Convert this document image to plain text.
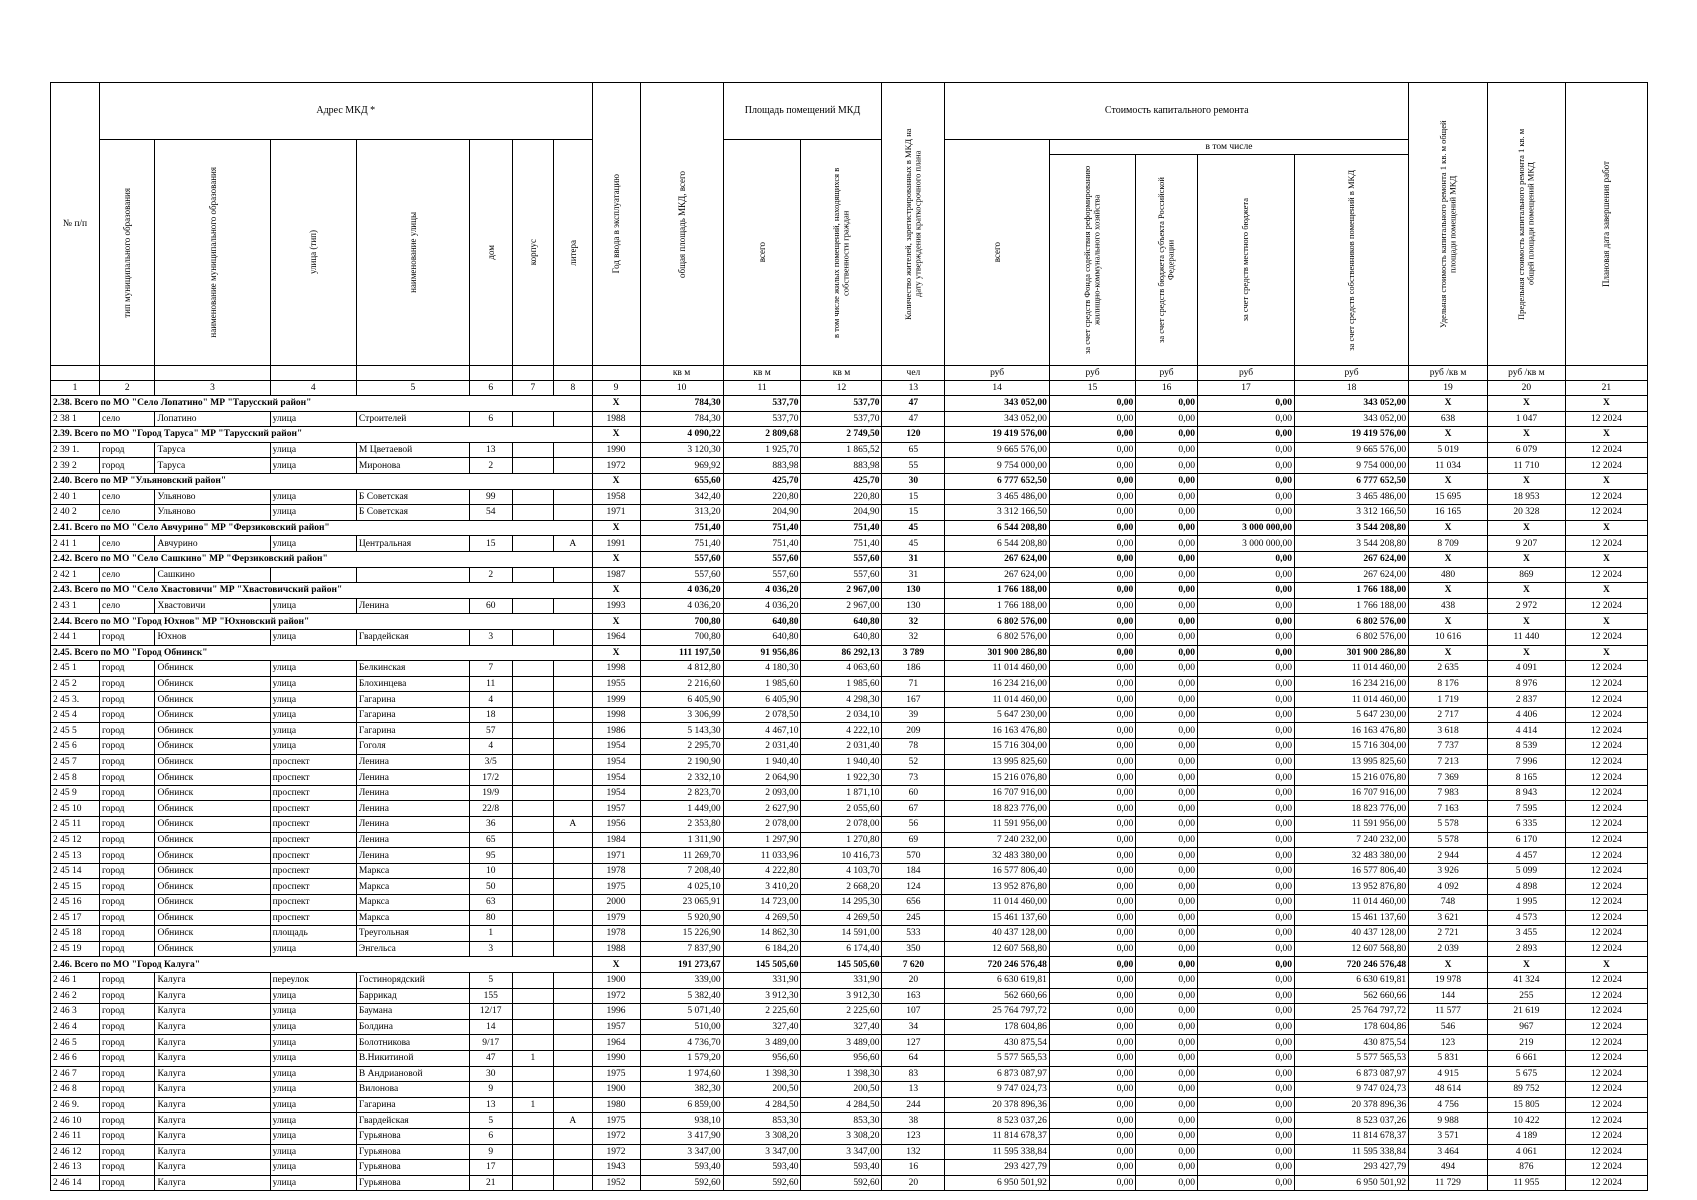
№ п/п	Адрес МКД *							Год ввода в эксплуатацию	общая площадь МКД, всего	Площадь помещений МКД		Количество жителей, зарегистрированных в МКД на дату утверждения краткосрочного плана	Стоимость капитального ремонта					Удельная стоимость капитального ремонта 1 кв. м общей площади помещений МКД	Предельная стоимость капитального ремонта 1 кв. м общей площади помещений МКД	Плановая дата завершения работ

	тип муниципального образования	наименование муниципального образования	улица (тип)	наименование улицы	дом	корпус	литера			всего	в том числе жилых помещений, находящихся в собственности граждан		всего	в том числе						

														за счет средств Фонда содействия реформированию жилищно-коммунального хозяйства	за счет средств бюджета субъекта Российской Федерации	за счет средств местного бюджета	за счет средств собственников помещений в МКД			

									кв м	кв м	кв м	чел	руб	руб	руб	руб	руб	руб /кв м	руб /кв м	
1	2	3	4	5	6	7	8	9	10	11	12	13	14	15	16	17	18	19	20	21
2.38. Всего по МО "Село Лопатино" МР "Тарусский район"								X	784,30	537,70	537,70	47	343 052,00	0,00	0,00	0,00	343 052,00	X	X	X
2 38 1	село	Лопатино	улица	Строителей	6			1988	784,30	537,70	537,70	47	343 052,00	0,00	0,00	0,00	343 052,00	638	1 047	12 2024
2.39. Всего по МО "Город Таруса" МР "Тарусский район"								X	4 090,22	2 809,68	2 749,50	120	19 419 576,00	0,00	0,00	0,00	19 419 576,00	X	X	X
2 39 1.	город	Таруса	улица	М Цветаевой	13			1990	3 120,30	1 925,70	1 865,52	65	9 665 576,00	0,00	0,00	0,00	9 665 576,00	5 019	6 079	12 2024
2 39 2	город	Таруса	улица	Миронова	2			1972	969,92	883,98	883,98	55	9 754 000,00	0,00	0,00	0,00	9 754 000,00	11 034	11 710	12 2024
2.40. Всего по МР "Ульяновский район"								X	655,60	425,70	425,70	30	6 777 652,50	0,00	0,00	0,00	6 777 652,50	X	X	X
2 40 1	село	Ульяново	улица	Б Советская	99			1958	342,40	220,80	220,80	15	3 465 486,00	0,00	0,00	0,00	3 465 486,00	15 695	18 953	12 2024
2 40 2	село	Ульяново	улица	Б Советская	54			1971	313,20	204,90	204,90	15	3 312 166,50	0,00	0,00	0,00	3 312 166,50	16 165	20 328	12 2024
2.41. Всего по МО "Село Авчурино" МР "Ферзиковский район"								X	751,40	751,40	751,40	45	6 544 208,80	0,00	0,00	3 000 000,00	3 544 208,80	X	X	X
2 41 1	село	Авчурино	улица	Центральная	15		А	1991	751,40	751,40	751,40	45	6 544 208,80	0,00	0,00	3 000 000,00	3 544 208,80	8 709	9 207	12 2024
2.42. Всего по МО "Село Сашкино" МР "Ферзиковский район"								X	557,60	557,60	557,60	31	267 624,00	0,00	0,00	0,00	267 624,00	X	X	X
2 42 1	село	Сашкино			2			1987	557,60	557,60	557,60	31	267 624,00	0,00	0,00	0,00	267 624,00	480	869	12 2024
2.43. Всего по МО "Село Хвастовичи" МР "Хвастовичский район"								X	4 036,20	4 036,20	2 967,00	130	1 766 188,00	0,00	0,00	0,00	1 766 188,00	X	X	X
2 43 1	село	Хвастовичи	улица	Ленина	60			1993	4 036,20	4 036,20	2 967,00	130	1 766 188,00	0,00	0,00	0,00	1 766 188,00	438	2 972	12 2024
2.44. Всего по МО "Город Юхнов" МР "Юхновский район"								X	700,80	640,80	640,80	32	6 802 576,00	0,00	0,00	0,00	6 802 576,00	X	X	X
2 44 1	город	Юхнов	улица	Гвардейская	3			1964	700,80	640,80	640,80	32	6 802 576,00	0,00	0,00	0,00	6 802 576,00	10 616	11 440	12 2024
2.45. Всего по МО "Город Обнинск"								X	111 197,50	91 956,86	86 292,13	3 789	301 900 286,80	0,00	0,00	0,00	301 900 286,80	X	X	X
2 45 1	город	Обнинск	улица	Белкинская	7			1998	4 812,80	4 180,30	4 063,60	186	11 014 460,00	0,00	0,00	0,00	11 014 460,00	2 635	4 091	12 2024
2 45 2	город	Обнинск	улица	Блохинцева	11			1955	2 216,60	1 985,60	1 985,60	71	16 234 216,00	0,00	0,00	0,00	16 234 216,00	8 176	8 976	12 2024
2 45 3.	город	Обнинск	улица	Гагарина	4			1999	6 405,90	6 405,90	4 298,30	167	11 014 460,00	0,00	0,00	0,00	11 014 460,00	1 719	2 837	12 2024
2 45 4	город	Обнинск	улица	Гагарина	18			1998	3 306,99	2 078,50	2 034,10	39	5 647 230,00	0,00	0,00	0,00	5 647 230,00	2 717	4 406	12 2024
2 45 5	город	Обнинск	улица	Гагарина	57			1986	5 143,30	4 467,10	4 222,10	209	16 163 476,80	0,00	0,00	0,00	16 163 476,80	3 618	4 414	12 2024
2 45 6	город	Обнинск	улица	Гоголя	4			1954	2 295,70	2 031,40	2 031,40	78	15 716 304,00	0,00	0,00	0,00	15 716 304,00	7 737	8 539	12 2024
2 45 7	город	Обнинск	проспект	Ленина	3/5			1954	2 190,90	1 940,40	1 940,40	52	13 995 825,60	0,00	0,00	0,00	13 995 825,60	7 213	7 996	12 2024
2 45 8	город	Обнинск	проспект	Ленина	17/2			1954	2 332,10	2 064,90	1 922,30	73	15 216 076,80	0,00	0,00	0,00	15 216 076,80	7 369	8 165	12 2024
2 45 9	город	Обнинск	проспект	Ленина	19/9			1954	2 823,70	2 093,00	1 871,10	60	16 707 916,00	0,00	0,00	0,00	16 707 916,00	7 983	8 943	12 2024
2 45 10	город	Обнинск	проспект	Ленина	22/8			1957	1 449,00	2 627,90	2 055,60	67	18 823 776,00	0,00	0,00	0,00	18 823 776,00	7 163	7 595	12 2024
2 45 11	город	Обнинск	проспект	Ленина	36		А	1956	2 353,80	2 078,00	2 078,00	56	11 591 956,00	0,00	0,00	0,00	11 591 956,00	5 578	6 335	12 2024
2 45 12	город	Обнинск	проспект	Ленина	65			1984	1 311,90	1 297,90	1 270,80	69	7 240 232,00	0,00	0,00	0,00	7 240 232,00	5 578	6 170	12 2024
2 45 13	город	Обнинск	проспект	Ленина	95			1971	11 269,70	11 033,96	10 416,73	570	32 483 380,00	0,00	0,00	0,00	32 483 380,00	2 944	4 457	12 2024
2 45 14	город	Обнинск	проспект	Маркса	10			1978	7 208,40	4 222,80	4 103,70	184	16 577 806,40	0,00	0,00	0,00	16 577 806,40	3 926	5 099	12 2024
2 45 15	город	Обнинск	проспект	Маркса	50			1975	4 025,10	3 410,20	2 668,20	124	13 952 876,80	0,00	0,00	0,00	13 952 876,80	4 092	4 898	12 2024
2 45 16	город	Обнинск	проспект	Маркса	63			2000	23 065,91	14 723,00	14 295,30	656	11 014 460,00	0,00	0,00	0,00	11 014 460,00	748	1 995	12 2024
2 45 17	город	Обнинск	проспект	Маркса	80			1979	5 920,90	4 269,50	4 269,50	245	15 461 137,60	0,00	0,00	0,00	15 461 137,60	3 621	4 573	12 2024
2 45 18	город	Обнинск	площадь	Треугольная	1			1978	15 226,90	14 862,30	14 591,00	533	40 437 128,00	0,00	0,00	0,00	40 437 128,00	2 721	3 455	12 2024
2 45 19	город	Обнинск	улица	Энгельса	3			1988	7 837,90	6 184,20	6 174,40	350	12 607 568,80	0,00	0,00	0,00	12 607 568,80	2 039	2 893	12 2024
2.46. Всего по МО "Город Калуга"								X	191 273,67	145 505,60	145 505,60	7 620	720 246 576,48	0,00	0,00	0,00	720 246 576,48	X	X	X
2 46 1	город	Калуга	переулок	Гостинорядский	5			1900	339,00	331,90	331,90	20	6 630 619,81	0,00	0,00	0,00	6 630 619,81	19 978	41 324	12 2024
2 46 2	город	Калуга	улица	Баррикад	155			1972	5 382,40	3 912,30	3 912,30	163	562 660,66	0,00	0,00	0,00	562 660,66	144	255	12 2024
2 46 3	город	Калуга	улица	Баумана	12/17			1996	5 071,40	2 225,60	2 225,60	107	25 764 797,72	0,00	0,00	0,00	25 764 797,72	11 577	21 619	12 2024
2 46 4	город	Калуга	улица	Болдина	14			1957	510,00	327,40	327,40	34	178 604,86	0,00	0,00	0,00	178 604,86	546	967	12 2024
2 46 5	город	Калуга	улица	Болотникова	9/17			1964	4 736,70	3 489,00	3 489,00	127	430 875,54	0,00	0,00	0,00	430 875,54	123	219	12 2024
2 46 6	город	Калуга	улица	В.Никитиной	47	1		1990	1 579,20	956,60	956,60	64	5 577 565,53	0,00	0,00	0,00	5 577 565,53	5 831	6 661	12 2024
2 46 7	город	Калуга	улица	В Андриановой	30			1975	1 974,60	1 398,30	1 398,30	83	6 873 087,97	0,00	0,00	0,00	6 873 087,97	4 915	5 675	12 2024
2 46 8	город	Калуга	улица	Вилонова	9			1900	382,30	200,50	200,50	13	9 747 024,73	0,00	0,00	0,00	9 747 024,73	48 614	89 752	12 2024
2 46 9.	город	Калуга	улица	Гагарина	13	1		1980	6 859,00	4 284,50	4 284,50	244	20 378 896,36	0,00	0,00	0,00	20 378 896,36	4 756	15 805	12 2024
2 46 10	город	Калуга	улица	Гвардейская	5		А	1975	938,10	853,30	853,30	38	8 523 037,26	0,00	0,00	0,00	8 523 037,26	9 988	10 422	12 2024
2 46 11	город	Калуга	улица	Гурьянова	6			1972	3 417,90	3 308,20	3 308,20	123	11 814 678,37	0,00	0,00	0,00	11 814 678,37	3 571	4 189	12 2024
2 46 12	город	Калуга	улица	Гурьянова	9			1972	3 347,00	3 347,00	3 347,00	132	11 595 338,84	0,00	0,00	0,00	11 595 338,84	3 464	4 061	12 2024
2 46 13	город	Калуга	улица	Гурьянова	17			1943	593,40	593,40	593,40	16	293 427,79	0,00	0,00	0,00	293 427,79	494	876	12 2024
2 46 14	город	Калуга	улица	Гурьянова	21			1952	592,60	592,60	592,60	20	6 950 501,92	0,00	0,00	0,00	6 950 501,92	11 729	11 955	12 2024
